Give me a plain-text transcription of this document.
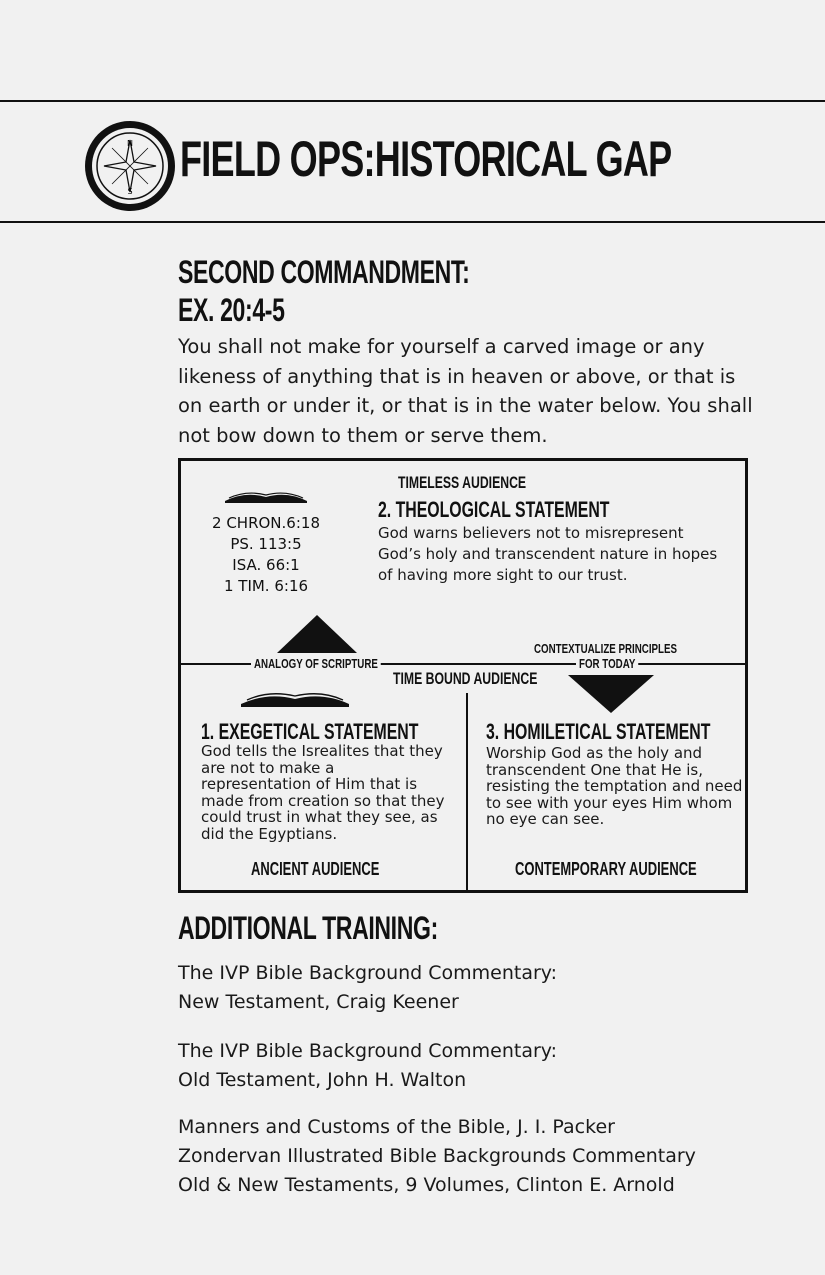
N
S
FIELD OPS:HISTORICAL GAP
SECOND COMMANDMENT:
EX. 20:4-5
You shall not make for yourself a carved image or any likeness of anything that is in heaven or above, or that is on earth or under it, or that is in the water below. You shall not bow down to them or serve them.
TIMELESS AUDIENCE
2 CHRON.6:18
PS. 113:5
ISA. 66:1
1 TIM. 6:16
2. THEOLOGICAL STATEMENT
God warns believers not to misrepresent God’s holy and transcendent nature in hopes of having more sight to our trust.
ANALOGY OF SCRIPTURE
CONTEXTUALIZE PRINCIPLES
FOR TODAY
TIME BOUND AUDIENCE
1. EXEGETICAL STATEMENT
God tells the Isrealites that they are not to make a representation of Him that is made from creation so that they could trust in what they see, as did the Egyptians.
3. HOMILETICAL STATEMENT
Worship God as the holy and transcendent One that He is, resisting the temptation and need to see with your eyes Him whom no eye can see.
ANCIENT AUDIENCE	CONTEMPORARY AUDIENCE
ADDITIONAL TRAINING:
The IVP Bible Background Commentary:
New Testament, Craig Keener
The IVP Bible Background Commentary:
Old Testament, John H. Walton
Manners and Customs of the Bible, J. I. Packer
Zondervan Illustrated Bible Backgrounds Commentary
Old & New Testaments, 9 Volumes, Clinton E. Arnold
